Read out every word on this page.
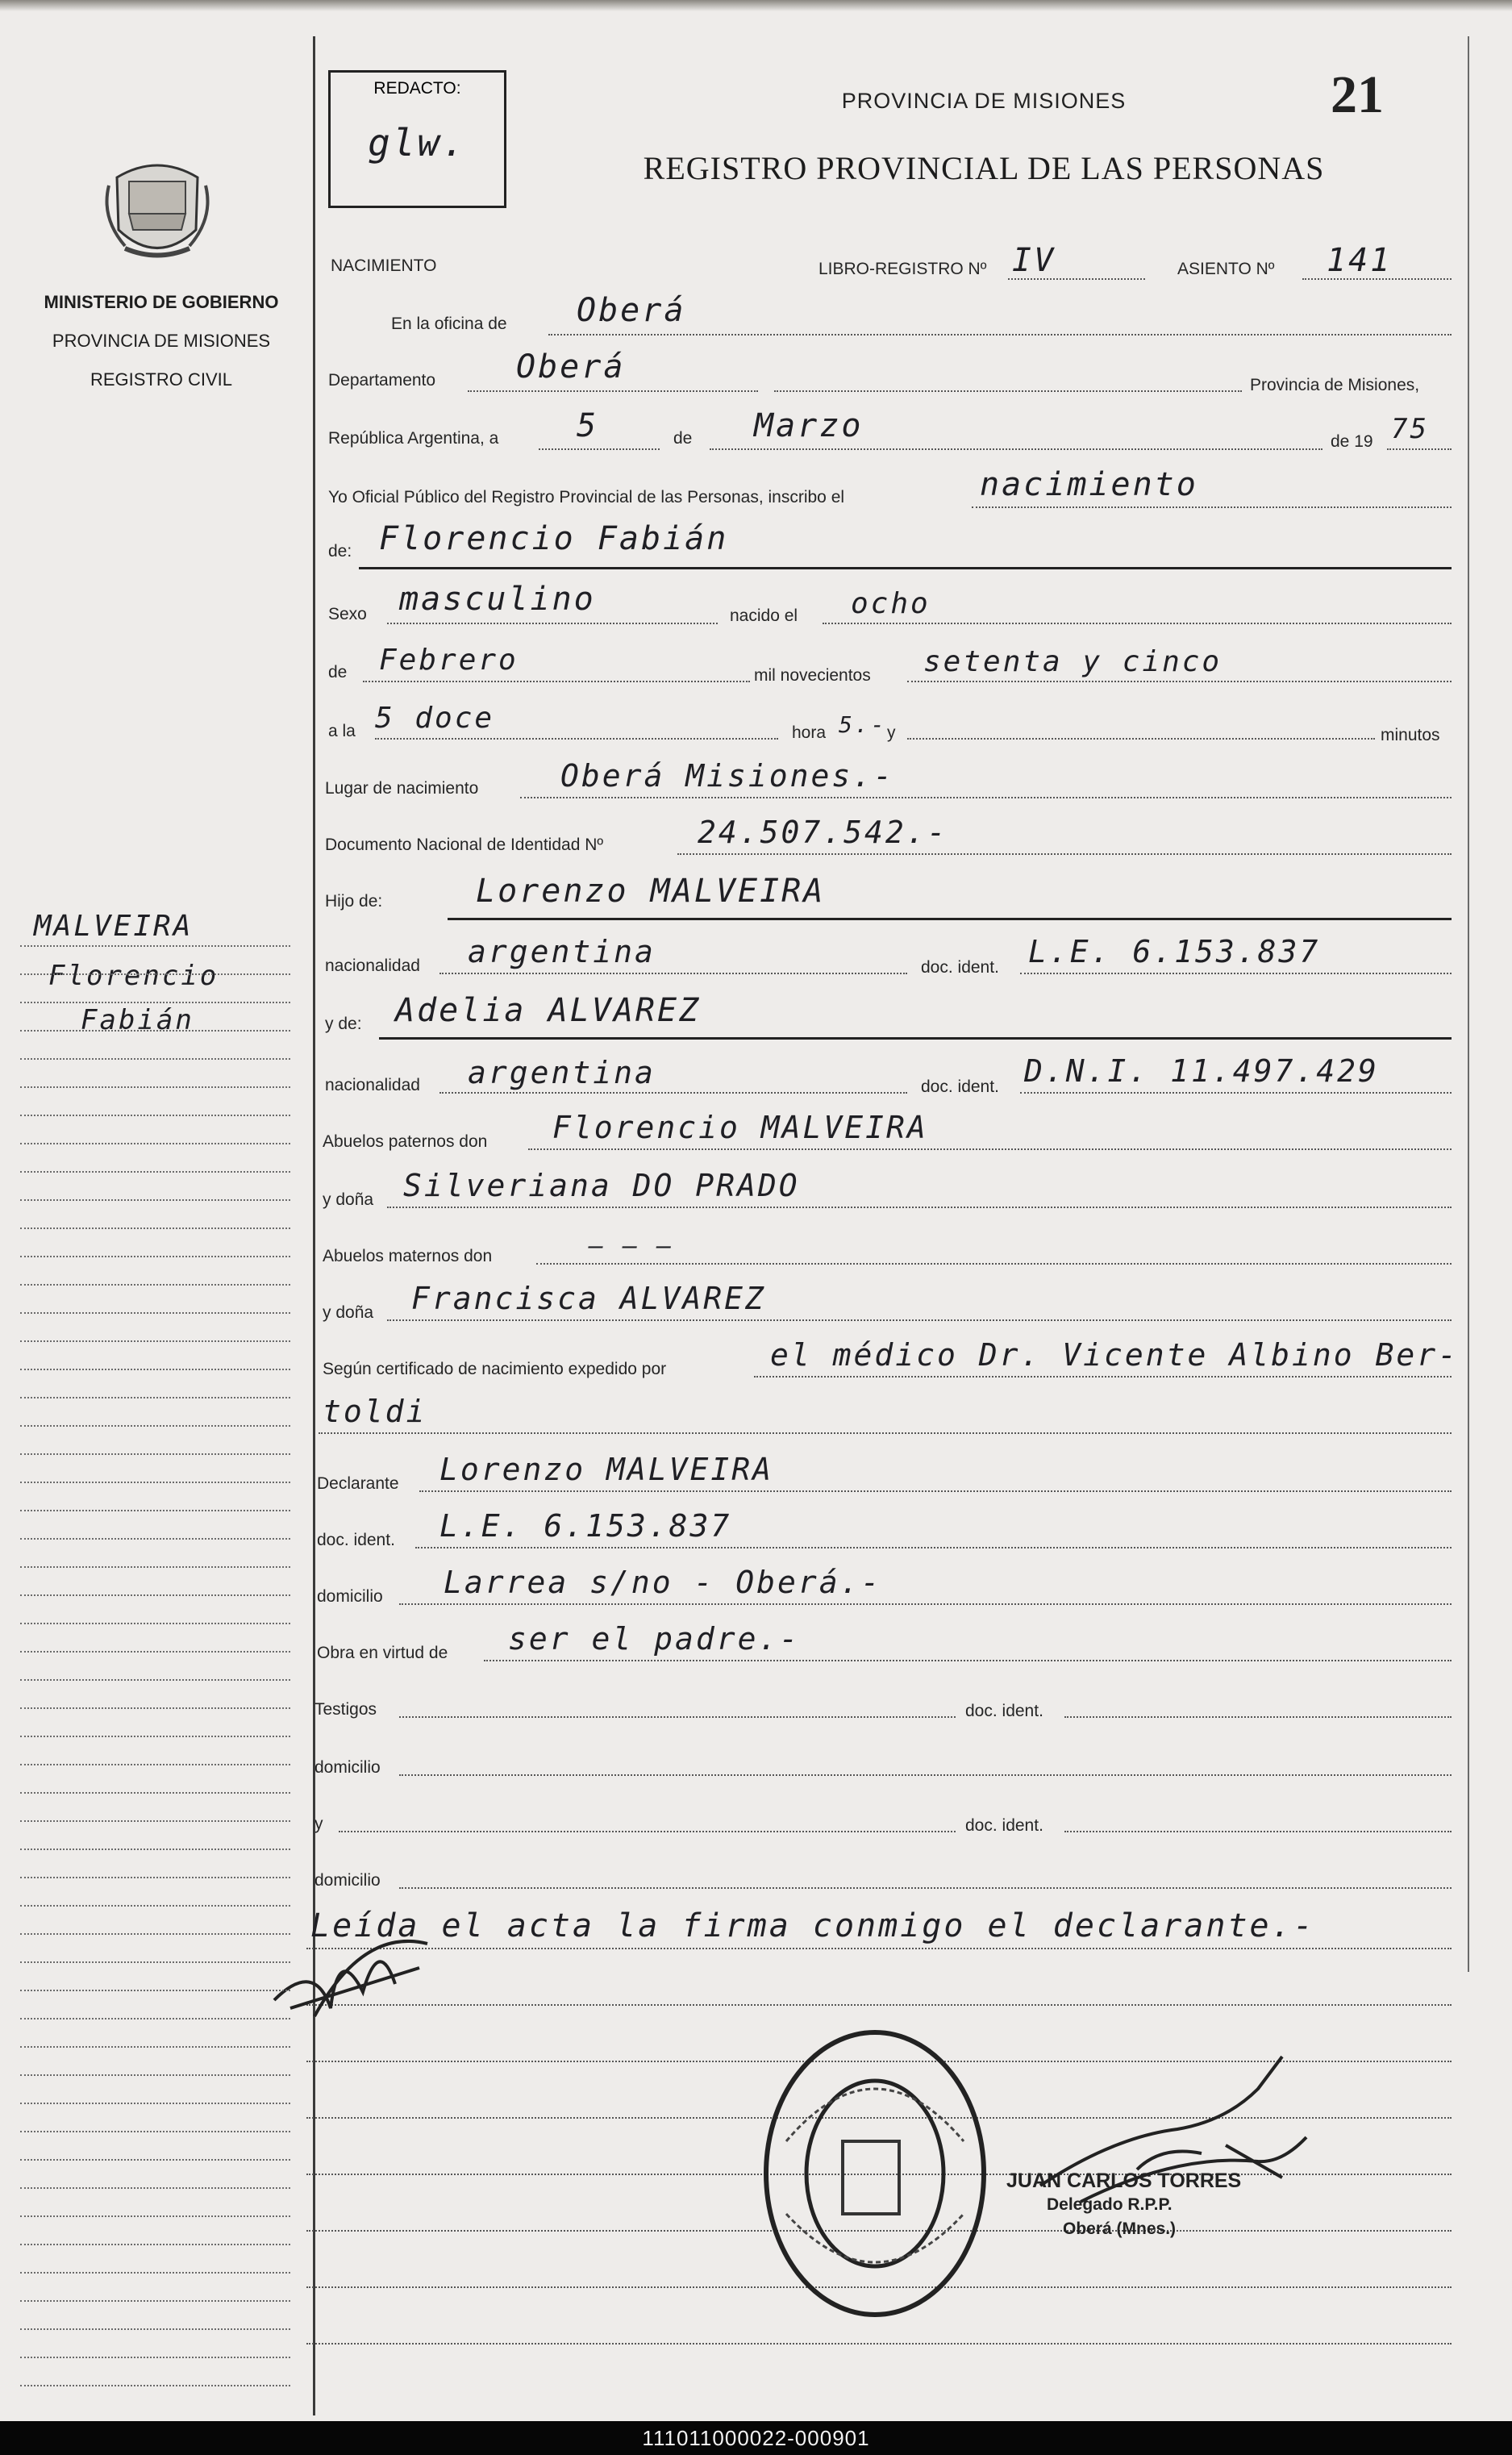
MINISTERIO DE GOBIERNO
PROVINCIA DE MISIONES
REGISTRO CIVIL
REDACTO:
glw.
PROVINCIA DE MISIONES	21
REGISTRO PROVINCIAL DE LAS PERSONAS
NACIMIENTO	LIBRO-REGISTRO Nº IV	ASIENTO Nº 141
En la oficina de Oberá
Departamento Oberá	Provincia de Misiones,
República Argentina, a 5	de Marzo	de 19 75
Yo Oficial Público del Registro Provincial de las Personas, inscribo el	nacimiento
de: Florencio Fabián
Sexo masculino	nacido el ocho
de Febrero	mil novecientos setenta y cinco
a la 5 doce	hora 5.- y	minutos
Lugar de nacimiento	Oberá Misiones.-
Documento Nacional de Identidad Nº	24.507.542.-
Hijo de:	Lorenzo MALVEIRA
nacionalidad argentina	doc. ident. L.E. 6.153.837
y de: Adelia ALVAREZ
nacionalidad argentina	doc. ident. D.N.I. 11.497.429
Abuelos paternos don Florencio MALVEIRA
y doña Silveriana DO PRADO
Abuelos maternos don	— — —
y doña Francisca ALVAREZ
Según certificado de nacimiento expedido por	el médico Dr. Vicente Albino Ber-
toldi
Declarante Lorenzo MALVEIRA
doc. ident. L.E. 6.153.837
domicilio Larrea s/no - Oberá.-
Obra en virtud de ser el padre.-
Testigos	doc. ident.
domicilio
y	doc. ident.
domicilio
Leída el acta la firma conmigo el declarante.-
JUAN CARLOS TORRES
Delegado R.P.P.
Oberá (Mnes.)
MALVEIRA
Florencio
Fabián
111011000022-000901
